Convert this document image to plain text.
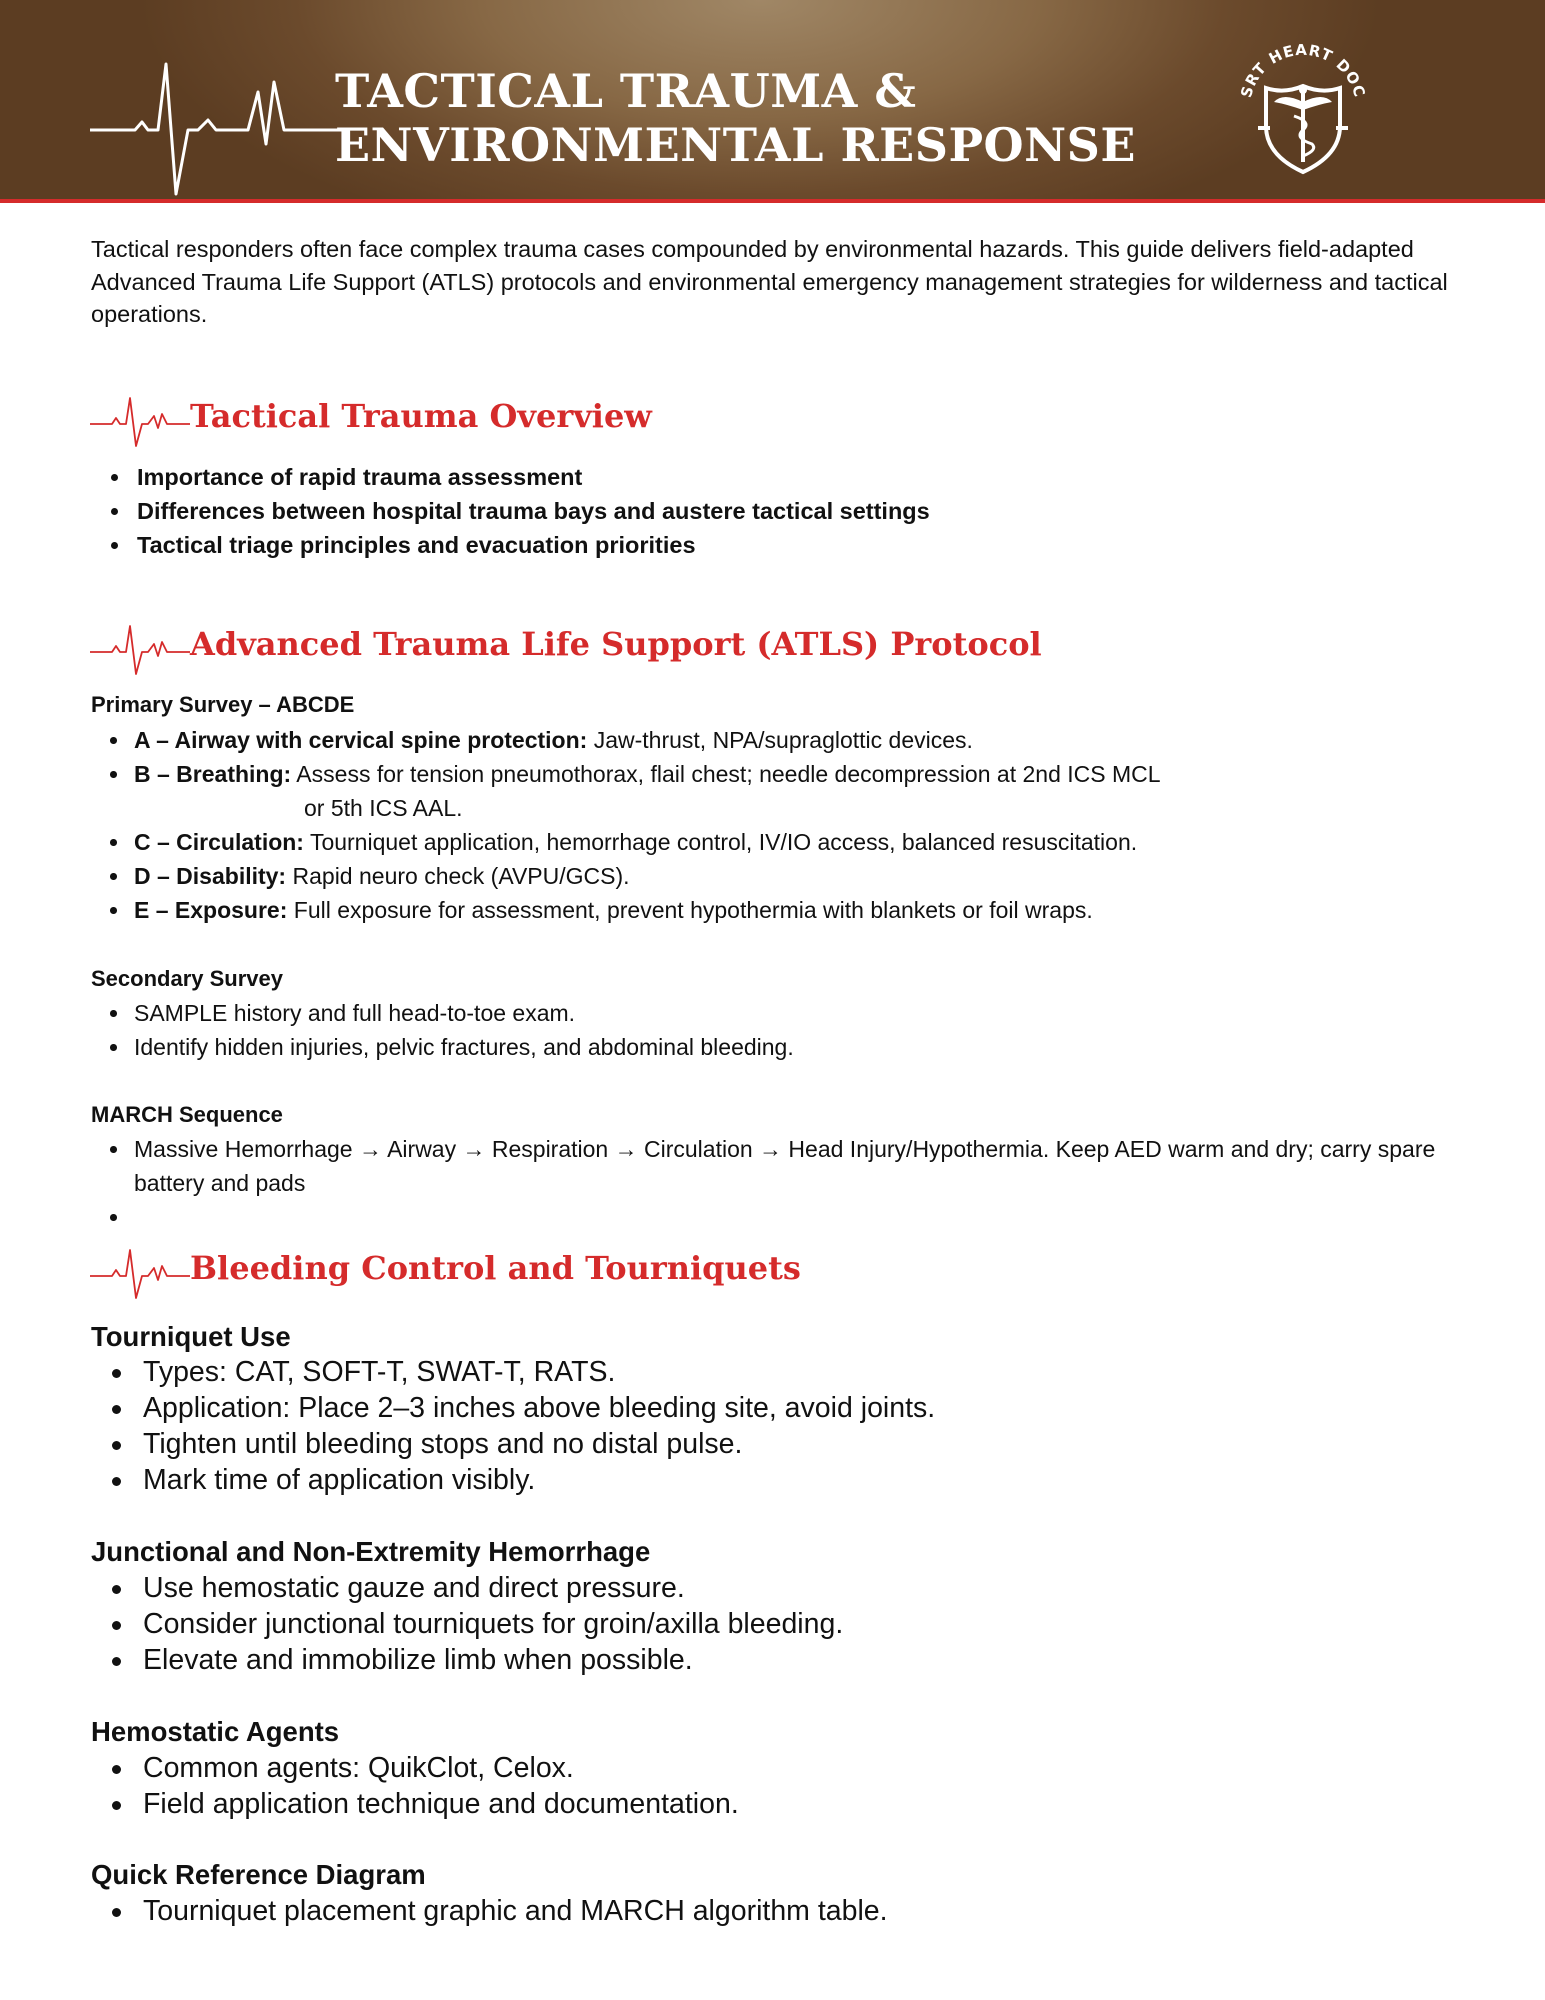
TACTICAL TRAUMA &
ENVIRONMENTAL RESPONSE
SRT HEART DOC

Tactical responders often face complex trauma cases compounded by environmental hazards. This guide delivers field-adapted Advanced Trauma Life Support (ATLS) protocols and environmental emergency management strategies for wilderness and tactical operations.

Tactical Trauma Overview
Importance of rapid trauma assessment
Differences between hospital trauma bays and austere tactical settings
Tactical triage principles and evacuation priorities
Advanced Trauma Life Support (ATLS) Protocol
Primary Survey – ABCDE
A – Airway with cervical spine protection: Jaw-thrust, NPA/supraglottic devices.
B – Breathing: Assess for tension pneumothorax, flail chest; needle decompression at 2nd ICS MCL
or 5th ICS AAL.
C – Circulation: Tourniquet application, hemorrhage control, IV/IO access, balanced resuscitation.
D – Disability: Rapid neuro check (AVPU/GCS).
E – Exposure: Full exposure for assessment, prevent hypothermia with blankets or foil wraps.
Secondary Survey
SAMPLE history and full head-to-toe exam.
Identify hidden injuries, pelvic fractures, and abdominal bleeding.
MARCH Sequence
Massive Hemorrhage → Airway → Respiration → Circulation → Head Injury/Hypothermia. Keep AED warm and dry; carry spare battery and pads
Bleeding Control and Tourniquets
Tourniquet Use
Types: CAT, SOFT-T, SWAT-T, RATS.
Application: Place 2–3 inches above bleeding site, avoid joints.
Tighten until bleeding stops and no distal pulse.
Mark time of application visibly.
Junctional and Non-Extremity Hemorrhage
Use hemostatic gauze and direct pressure.
Consider junctional tourniquets for groin/axilla bleeding.
Elevate and immobilize limb when possible.
Hemostatic Agents
Common agents: QuikClot, Celox.
Field application technique and documentation.
Quick Reference Diagram
Tourniquet placement graphic and MARCH algorithm table.
